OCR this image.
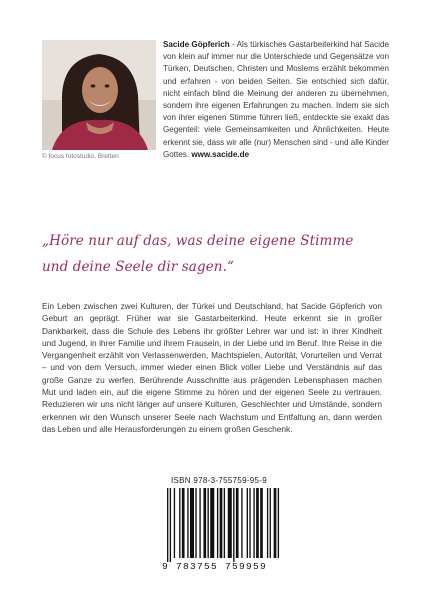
© focus fotostudio, Bretten
Sacide Göpferich - Als türkisches Gastarbeiterkind hat Sacide von klein auf immer nur die Unterschiede und Gegensätze von Türken, Deutschen, Christen und Moslems erzählt bekommen und erfahren - von beiden Seiten. Sie entschied sich dafür, nicht einfach blind die Meinung der anderen zu übernehmen, sondern ihre eigenen Erfahrungen zu machen. Indem sie sich von ihrer eigenen Stimme führen ließ, entdeckte sie exakt das Gegenteil: viele Gemeinsamkeiten und Ähnlichkeiten. Heute erkennt sie, dass wir alle (nur) Menschen sind - und alle Kinder Gottes. www.sacide.de
„Höre nur auf das, was deine eigene Stimme
und deine Seele dir sagen.“
Ein Leben zwischen zwei Kulturen, der Türkei und Deutschland, hat Sacide Göpferich von Geburt an geprägt. Früher war sie Gastarbeiterkind. Heute erkennt sie in großer Dankbarkeit, dass die Schule des Lebens ihr größter Lehrer war und ist: in ihrer Kindheit und Jugend, in ihrer Familie und ihrem Frausein, in der Liebe und im Beruf. Ihre Reise in die Vergangenheit erzählt von Verlassenwerden, Machtspielen, Autorität, Vorurteilen und Verrat – und von dem Versuch, immer wieder einen Blick voller Liebe und Verständnis auf das große Ganze zu werfen. Berührende Ausschnitte aus prägenden Lebensphasen machen Mut und laden ein, auf die eigene Stimme zu hören und der eigenen Seele zu vertrauen. Reduzieren wir uns nicht länger auf unsere Kulturen, Geschlechter und Umstände, sondern erkennen wir den Wunsch unserer Seele nach Wachstum und Entfaltung an, dann werden das Leben und alle Herausforderungen zu einem großen Geschenk.
ISBN 978-3-755759-95-9
9 783755 759959
